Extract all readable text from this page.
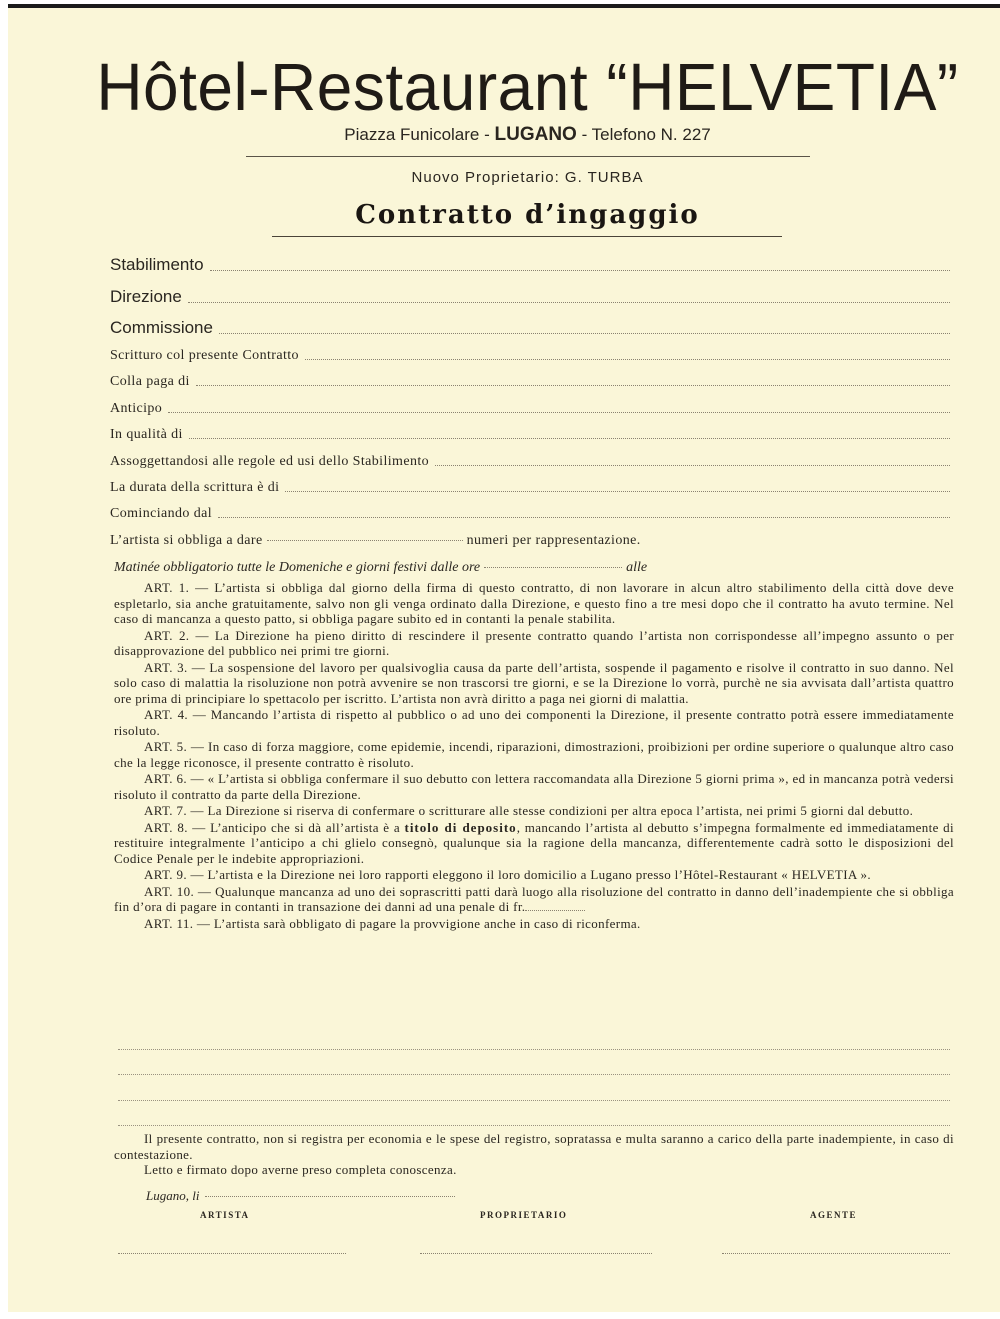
Hôtel-Restaurant “HELVETIA”
Piazza Funicolare - LUGANO - Telefono N. 227
Nuovo Proprietario: G. TURBA
Contratto d’ingaggio
Stabilimento
Direzione
Commissione
Scritturo col presente Contratto
Colla paga di
Anticipo
In qualità di
Assoggettandosi alle regole ed usi dello Stabilimento
La durata della scrittura è di
Cominciando dal
L’artista si obbliga a dare	numeri per rappresentazione.
Matinée obbligatorio tutte le Domeniche e giorni festivi dalle ore	alle

ART. 1. — L’artista si obbliga dal giorno della firma di questo contratto, di non lavorare in alcun altro stabilimento della città dove deve espletarlo, sia anche gratuitamente, salvo non gli venga ordinato dalla Direzione, e questo fino a tre mesi dopo che il contratto ha avuto termine. Nel caso di mancanza a questo patto, si obbliga pagare subito ed in contanti la penale stabilita.

ART. 2. — La Direzione ha pieno diritto di rescindere il presente contratto quando l’artista non corrispondesse all’impegno assunto o per disapprovazione del pubblico nei primi tre giorni.

ART. 3. — La sospensione del lavoro per qualsivoglia causa da parte dell’artista, sospende il pagamento e risolve il contratto in suo danno. Nel solo caso di malattia la risoluzione non potrà avvenire se non trascorsi tre giorni, e se la Direzione lo vorrà, purchè ne sia avvisata dall’artista quattro ore prima di principiare lo spettacolo per iscritto. L’artista non avrà diritto a paga nei giorni di malattia.

ART. 4. — Mancando l’artista di rispetto al pubblico o ad uno dei componenti la Direzione, il presente contratto potrà essere immediatamente risoluto.

ART. 5. — In caso di forza maggiore, come epidemie, incendi, riparazioni, dimostrazioni, proibizioni per ordine superiore o qualunque altro caso che la legge riconosce, il presente contratto è risoluto.

ART. 6. — « L’artista si obbliga confermare il suo debutto con lettera raccomandata alla Direzione 5 giorni prima », ed in mancanza potrà vedersi risoluto il contratto da parte della Direzione.

ART. 7. — La Direzione si riserva di confermare o scritturare alle stesse condizioni per altra epoca l’artista, nei primi 5 giorni dal debutto.

ART. 8. — L’anticipo che si dà all’artista è a titolo di deposito, mancando l’artista al debutto s’impegna formalmente ed immediatamente di restituire integralmente l’anticipo a chi glielo consegnò, qualunque sia la ragione della mancanza, differentemente cadrà sotto le disposizioni del Codice Penale per le indebite appropriazioni.

ART. 9. — L’artista e la Direzione nei loro rapporti eleggono il loro domicilio a Lugano presso l’Hôtel-Restaurant « HELVETIA ».

ART. 10. — Qualunque mancanza ad uno dei soprascritti patti darà luogo alla risoluzione del contratto in danno dell’inadempiente che si obbliga fin d’ora di pagare in contanti in transazione dei danni ad una penale di fr.

ART. 11. — L’artista sarà obbligato di pagare la provvigione anche in caso di riconferma.

Il presente contratto, non si registra per economia e le spese del registro, sopratassa e multa saranno a carico della parte inadempiente, in caso di contestazione.

Letto e firmato dopo averne preso completa conoscenza.

Lugano, li
ARTISTA	PROPRIETARIO	AGENTE
